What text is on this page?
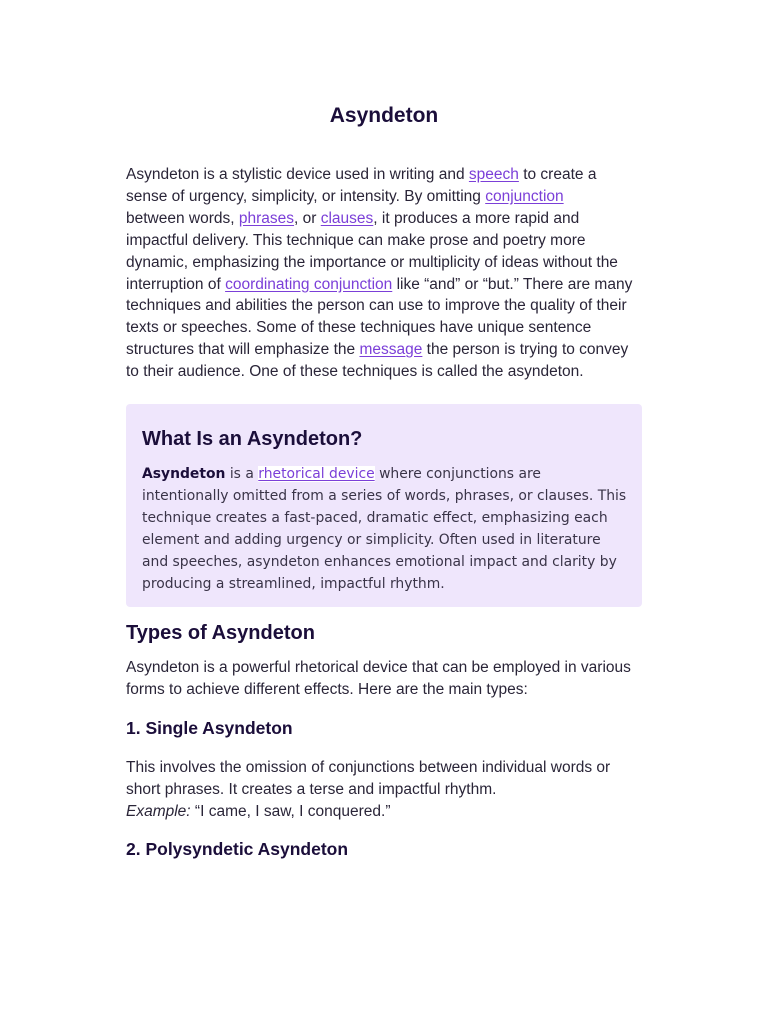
Asyndeton

Asyndeton is a stylistic device used in writing and speech to create a sense of urgency, simplicity, or intensity. By omitting conjunction
between words, phrases, or clauses, it produces a more rapid and impactful delivery. This technique can make prose and poetry more dynamic, emphasizing the importance or multiplicity of ideas without the interruption of coordinating conjunction like “and” or “but.” There are many techniques and abilities the person can use to improve the quality of their texts or speeches. Some of these techniques have unique sentence structures that will emphasize the message the person is trying to convey to their audience. One of these techniques is called the asyndeton.

What Is an Asyndeton?

Asyndeton is a rhetorical device where conjunctions are intentionally omitted from a series of words, phrases, or clauses. This technique creates a fast-paced, dramatic effect, emphasizing each element and adding urgency or simplicity. Often used in literature and speeches, asyndeton enhances emotional impact and clarity by producing a streamlined, impactful rhythm.

Types of Asyndeton

Asyndeton is a powerful rhetorical device that can be employed in various forms to achieve different effects. Here are the main types:

1. Single Asyndeton

This involves the omission of conjunctions between individual words or short phrases. It creates a terse and impactful rhythm.
Example: “I came, I saw, I conquered.”

2. Polysyndetic Asyndeton
